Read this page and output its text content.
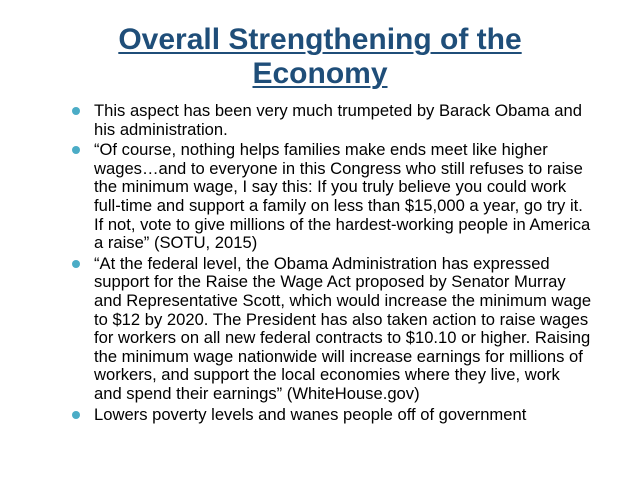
Overall Strengthening of the Economy
This aspect has been very much trumpeted by Barack Obama and his administration.
“Of course, nothing helps families make ends meet like higher wages…and to everyone in this Congress who still refuses to raise the minimum wage, I say this: If you truly believe you could work full-time and support a family on less than $15,000 a year, go try it. If not, vote to give millions of the hardest-working people in America a raise” (SOTU, 2015)
“At the federal level, the Obama Administration has expressed support for the Raise the Wage Act proposed by Senator Murray and Representative Scott, which would increase the minimum wage to $12 by 2020. The President has also taken action to raise wages for workers on all new federal contracts to $10.10 or higher. Raising the minimum wage nationwide will increase earnings for millions of workers, and support the local economies where they live, work and spend their earnings” (WhiteHouse.gov)
Lowers poverty levels and wanes people off of government
